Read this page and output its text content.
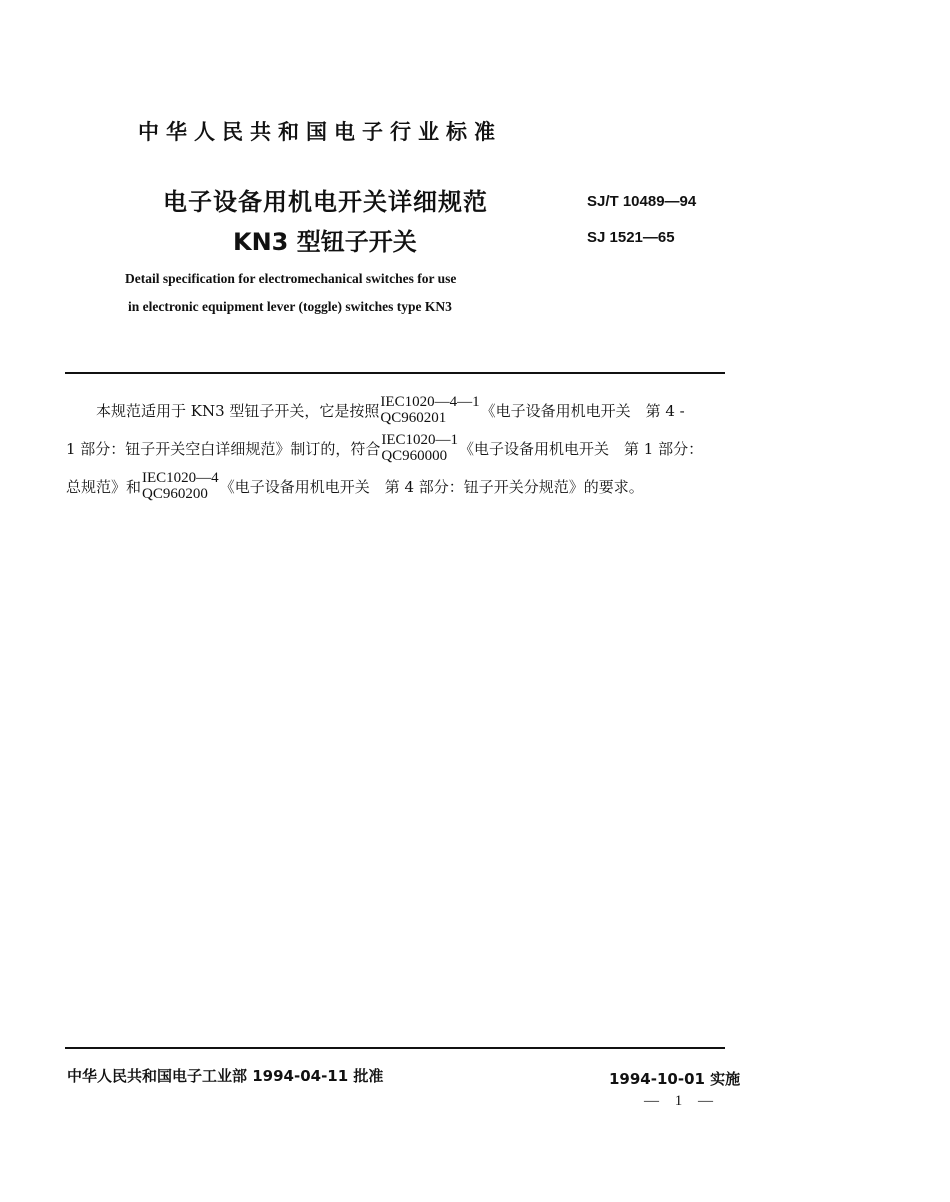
中华人民共和国电子行业标准
电子设备用机电开关详细规范
KN3 型钮子开关
SJ/T 10489—94
SJ 1521—65
Detail specification for electromechanical switches for use
in electronic equipment lever (toggle) switches type KN3
本规范适用于 KN3 型钮子开关，它是按照
IEC1020—4—1
QC960201	《电子设备用机电开关　第 4 -
1 部分：钮子开关空白详细规范》制订的，符合
IEC1020—1
QC960000 《电子设备用机电开关　第 1 部分：
总规范》和
IEC1020—4
QC960200 《电子设备用机电开关　第 4 部分：钮子开关分规范》的要求。
中华人民共和国电子工业部 1994-04-11 批准	1994-10-01 实施
— 1 —
